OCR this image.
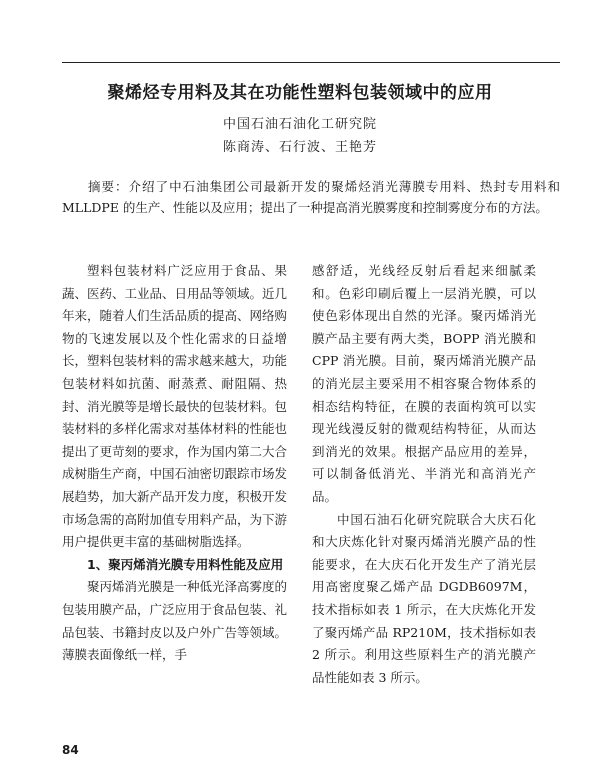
聚烯烃专用料及其在功能性塑料包装领域中的应用
中国石油石油化工研究院
陈商涛、石行波、王艳芳
摘要：介绍了中石油集团公司最新开发的聚烯烃消光薄膜专用料、热封专用料和 MLLDPE 的生产、性能以及应用；提出了一种提高消光膜雾度和控制雾度分布的方法。

塑料包装材料广泛应用于食品、果蔬、医药、工业品、日用品等领域。近几年来，随着人们生活品质的提高、网络购物的飞速发展以及个性化需求的日益增长，塑料包装材料的需求越来越大，功能包装材料如抗菌、耐蒸煮、耐阻隔、热封、消光膜等是增长最快的包装材料。包装材料的多样化需求对基体材料的性能也提出了更苛刻的要求，作为国内第二大合成树脂生产商，中国石油密切跟踪市场发展趋势，加大新产品开发力度，积极开发市场急需的高附加值专用料产品，为下游用户提供更丰富的基础树脂选择。

1、聚丙烯消光膜专用料性能及应用

聚丙烯消光膜是一种低光泽高雾度的包装用膜产品，广泛应用于食品包装、礼品包装、书籍封皮以及户外广告等领域。薄膜表面像纸一样，手

感舒适，光线经反射后看起来细腻柔和。色彩印刷后覆上一层消光膜，可以使色彩体现出自然的光泽。聚丙烯消光膜产品主要有两大类，BOPP 消光膜和 CPP 消光膜。目前，聚丙烯消光膜产品的消光层主要采用不相容聚合物体系的相态结构特征，在膜的表面构筑可以实现光线漫反射的微观结构特征，从而达到消光的效果。根据产品应用的差异，可以制备低消光、半消光和高消光产品。

中国石油石化研究院联合大庆石化和大庆炼化针对聚丙烯消光膜产品的性能要求，在大庆石化开发生产了消光层用高密度聚乙烯产品 DGDB6097M，技术指标如表 1 所示，在大庆炼化开发了聚丙烯产品 RP210M，技术指标如表 2 所示。利用这些原料生产的消光膜产品性能如表 3 所示。

84
